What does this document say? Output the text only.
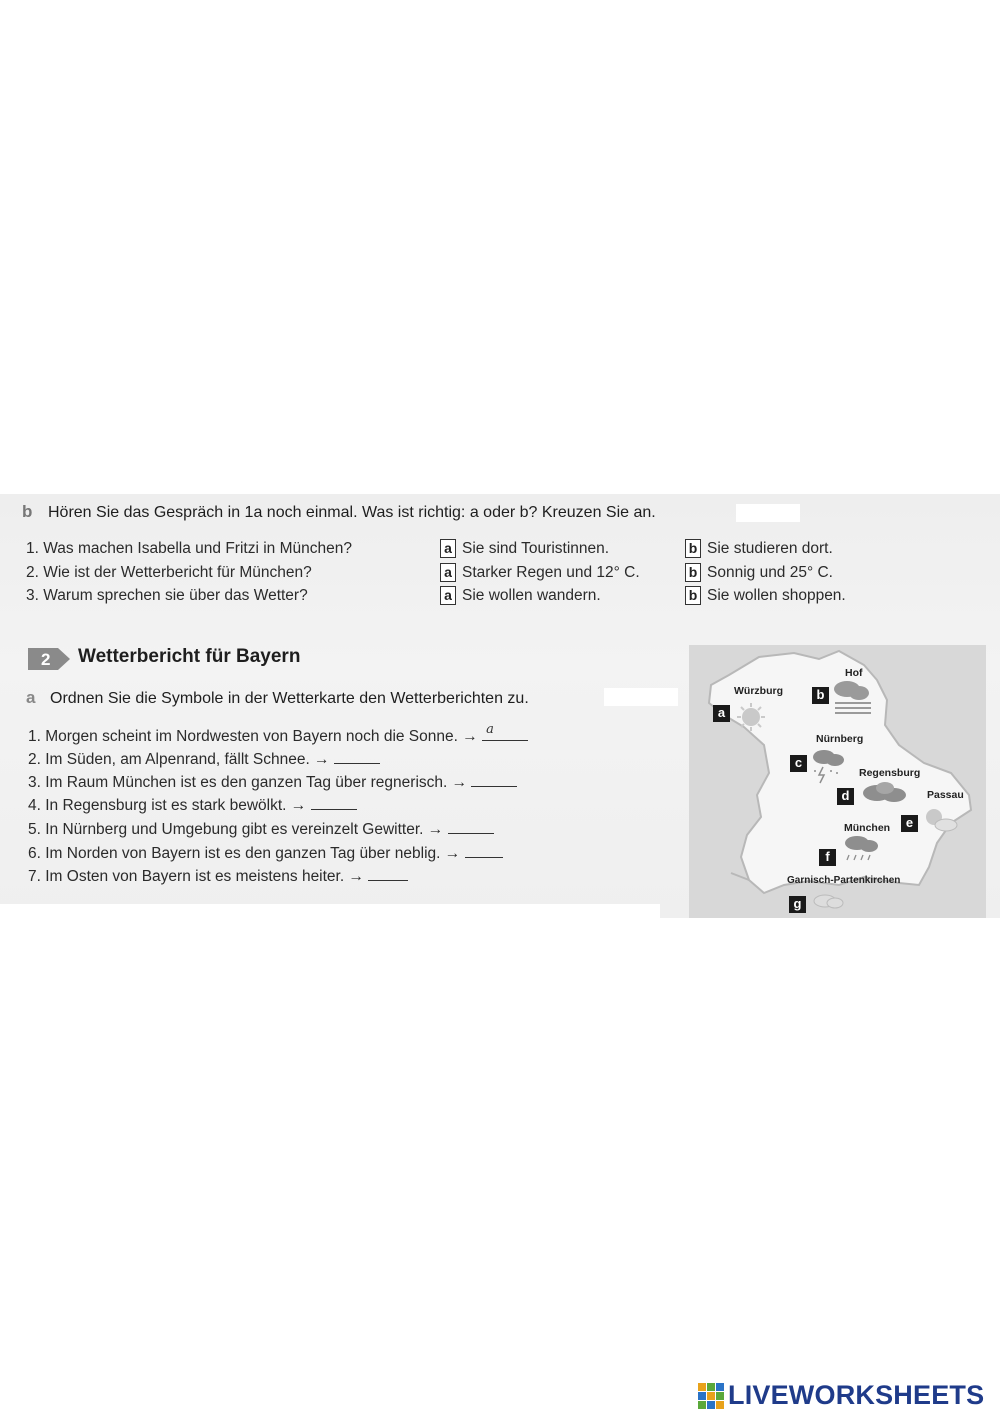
b Hören Sie das Gespräch in 1a noch einmal. Was ist richtig: a oder b? Kreuzen Sie an.
1. Was machen Isabella und Fritzi in München?
2. Wie ist der Wetterbericht für München?
3. Warum sprechen sie über das Wetter?
a Sie sind Touristinnen.
a Starker Regen und 12° C.
a Sie wollen wandern.
b Sie studieren dort.
b Sonnig und 25° C.
b Sie wollen shoppen.
2 Wetterbericht für Bayern
a Ordnen Sie die Symbole in der Wetterkarte den Wetterberichten zu.
1. Morgen scheint im Nordwesten von Bayern noch die Sonne. → a
2. Im Süden, am Alpenrand, fällt Schnee. →
3. Im Raum München ist es den ganzen Tag über regnerisch. →
4. In Regensburg ist es stark bewölkt. →
5. In Nürnberg und Umgebung gibt es vereinzelt Gewitter. →
6. Im Norden von Bayern ist es den ganzen Tag über neblig. →
7. Im Osten von Bayern ist es meistens heiter. →
Hof
Würzburg
Nürnberg
Regensburg
Passau
München
Garnisch-Partenkirchen
a
b
c
d
e
f
g
LIVEWORKSHEETS
